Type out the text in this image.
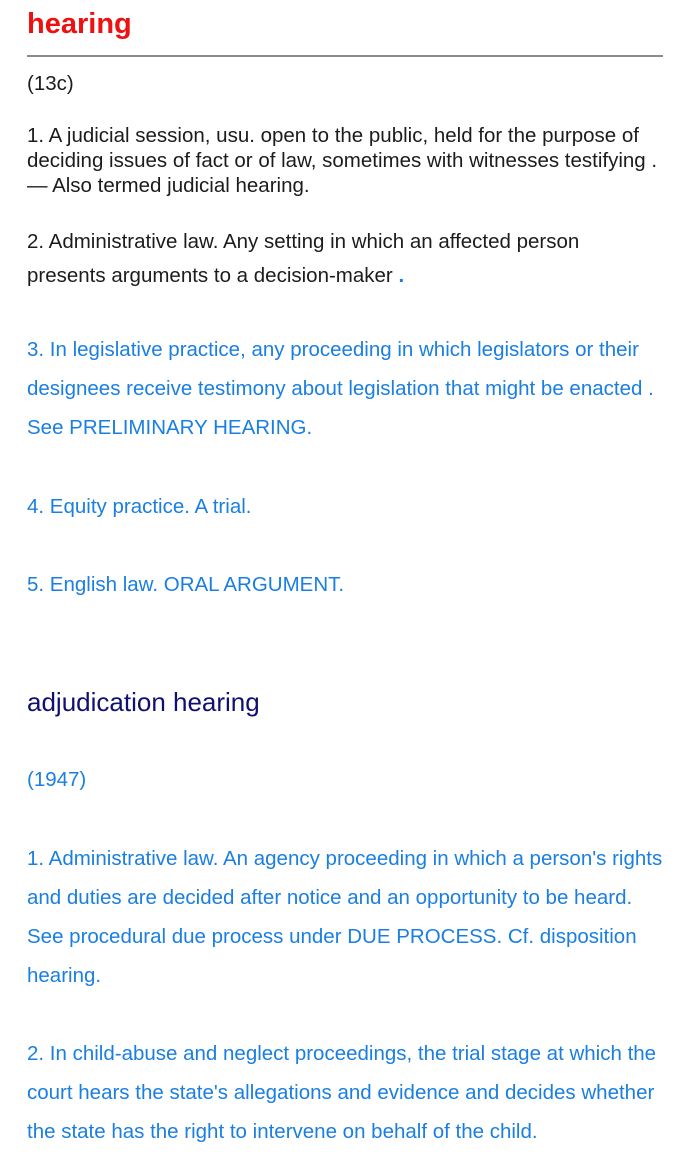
hearing

(13c)

1. A judicial session, usu. open to the public, held for the purpose of deciding issues of fact or of law, sometimes with witnesses testifying . — Also termed judicial hearing.

2. Administrative law. Any setting in which an affected person presents arguments to a decision-maker .

3. In legislative practice, any proceeding in which legislators or their designees receive testimony about legislation that might be enacted . See PRELIMINARY HEARING.

4. Equity practice. A trial.

5. English law. ORAL ARGUMENT.

adjudication hearing

(1947)

1. Administrative law. An agency proceeding in which a person's rights and duties are decided after notice and an opportunity to be heard. See procedural due process under DUE PROCESS. Cf. disposition hearing.

2. In child-abuse and neglect proceedings, the trial stage at which the court hears the state's allegations and evidence and decides whether the state has the right to intervene on behalf of the child.
